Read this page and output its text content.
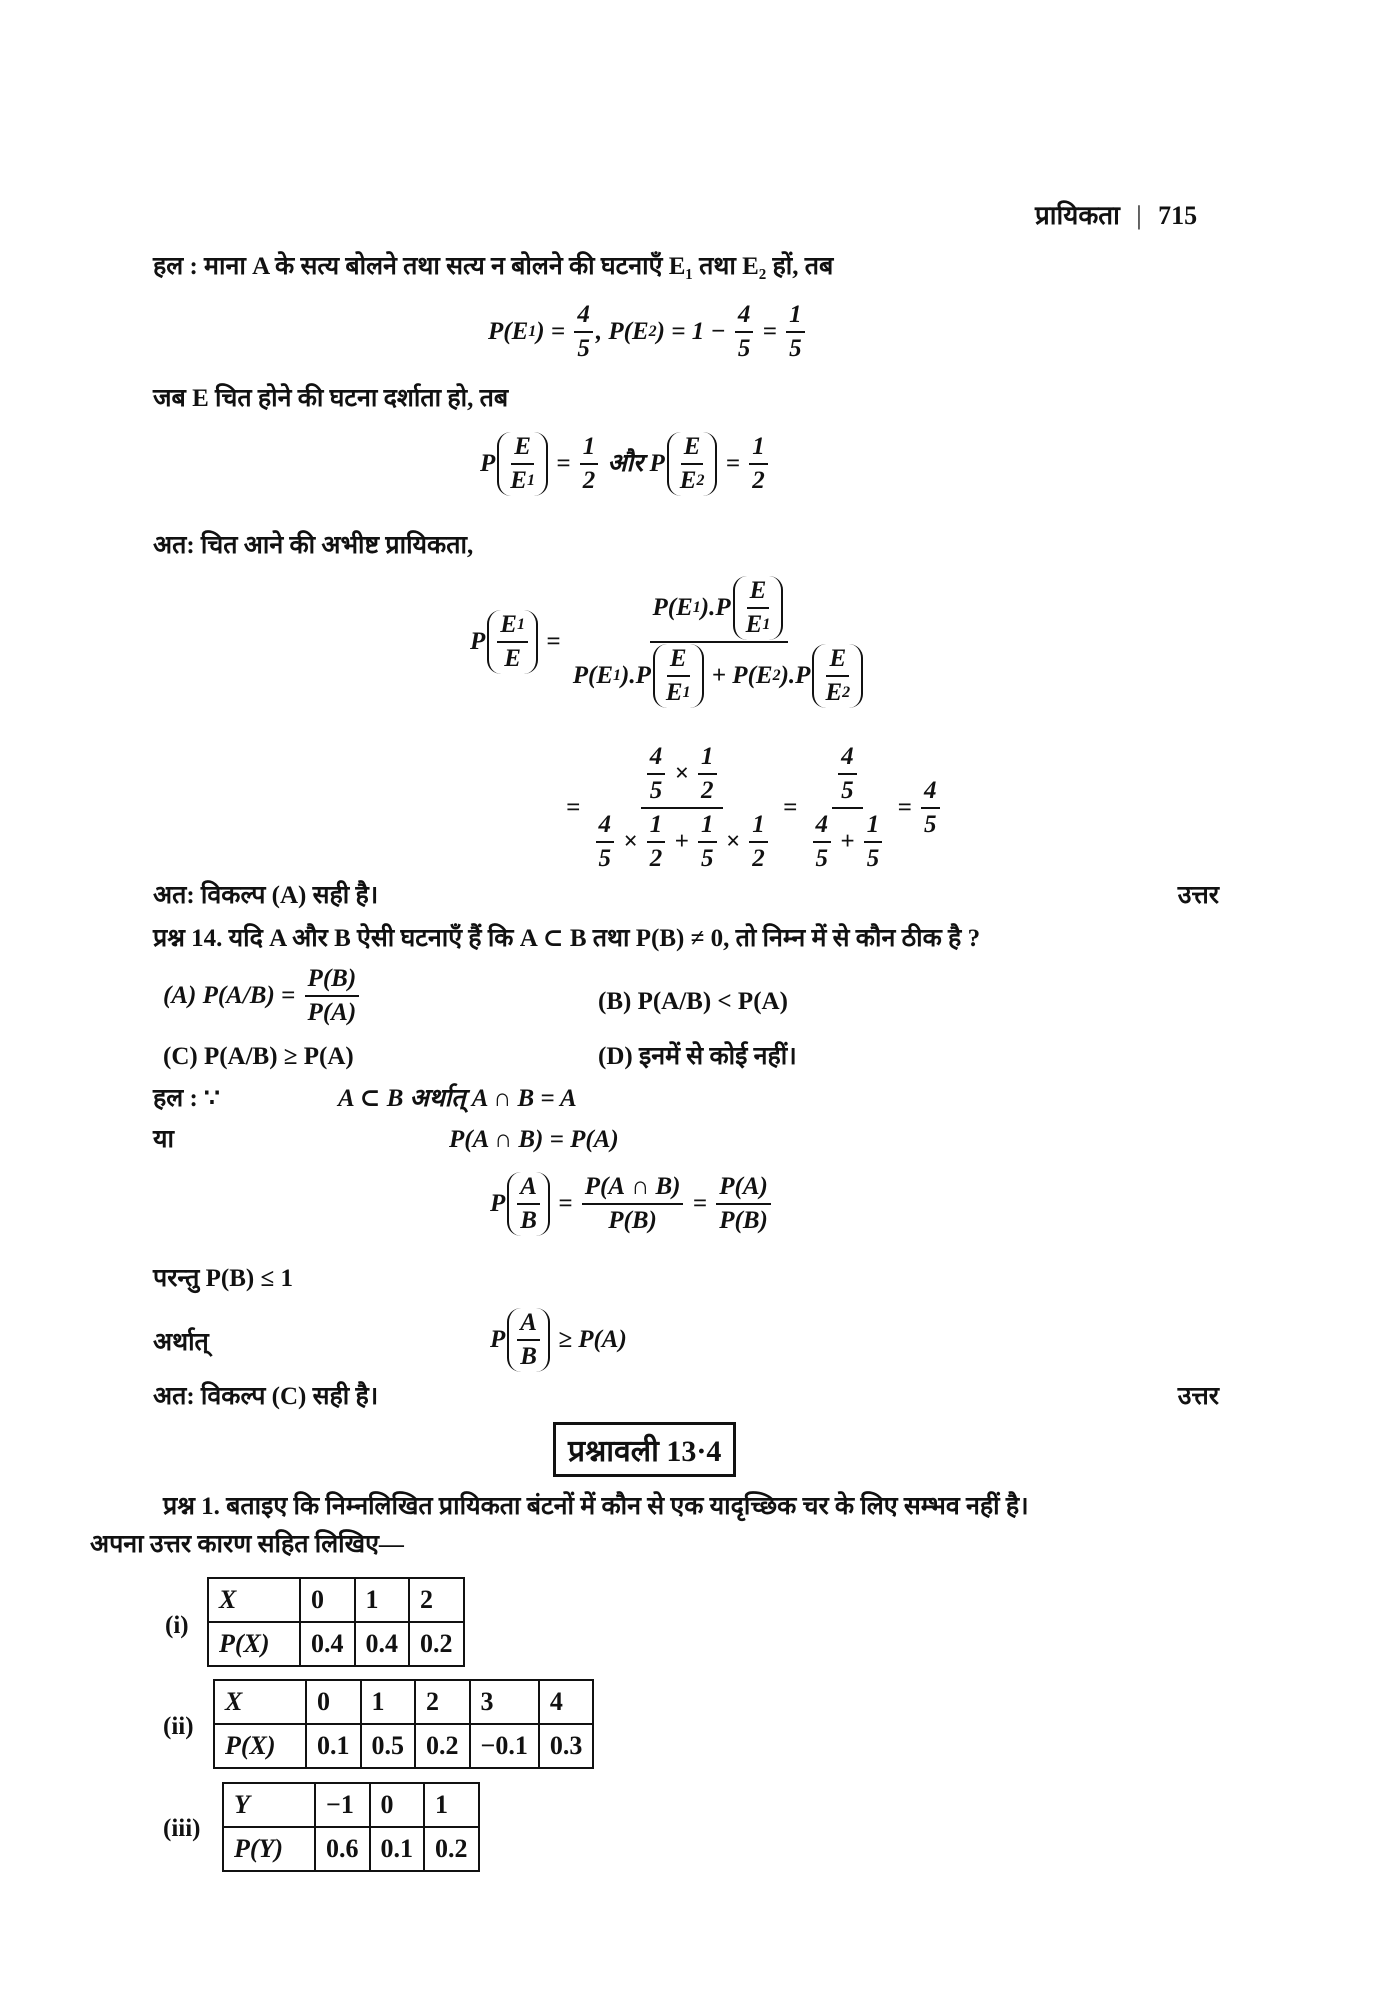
प्रायिकता | 715
हल : माना A के सत्य बोलने तथा सत्य न बोलने की घटनाएँ E₁ तथा E₂ हों, तब
P(E 1 ) = $\frac{4}{5}$ , P(E 2 ) = $1 - \frac{4}{5} = \frac{1}{5}$
जब E चित होने की घटना दर्शाता हो, तब
P $\frac{E}{E 1} = \frac{1}{2}$ और P $\frac{E}{E 2} = \frac{1}{2}$
अत: चित आने की अभीष्ट प्रायिकता,
P $\frac{E 1}{E} = \frac{P(E 1 ).P \frac{E}{E 1}}{P(E 1 ).P \frac{E}{E 1} + P(E 2 ).P \frac{E}{E 2}}$
= $\frac{\frac{4}{5} \times \frac{1}{2}}{\frac{4}{5} \times \frac{1}{2} + \frac{1}{5} \times \frac{1}{2}} = \frac{\frac{4}{5}}{\frac{4}{5} + \frac{1}{5}} = \frac{4}{5}$
अत: विकल्प (A) सही है।	उत्तर
प्रश्न 14. यदि A और B ऐसी घटनाएँ हैं कि A ⊂ B तथा P(B) ≠ 0, तो निम्न में से कौन ठीक है ?
(A) $P(A/B) = \frac{P(B)}{P(A)}$	(B) P(A/B) < P(A)
(C) P(A/B) ≥ P(A)	(D) इनमें से कोई नहीं।
हल : ∵	A ⊂ B अर्थात् A ∩ B = A
या	P(A ∩ B) = P(A)
P $\frac{A}{B} = \frac{P(A \cap B)}{P(B)} = \frac{P(A)}{P(B)}$
परन्तु P(B) ≤ 1
अर्थात्	P $\frac{A}{B} \ge P(A)$
अत: विकल्प (C) सही है।	उत्तर
प्रश्नावली 13·4
प्रश्न 1. बताइए कि निम्नलिखित प्रायिकता बंटनों में कौन से एक यादृच्छिक चर के लिए सम्भव नहीं है।
अपना उत्तर कारण सहित लिखिए—
(i)
X	0	1	2
P(X)	0.4	0.4	0.2
(ii)
X	0	1	2	3	4
P(X)	0.1	0.5	0.2	−0.1	0.3
(iii)
Y	−1	0	1
P(Y)	0.6	0.1	0.2
